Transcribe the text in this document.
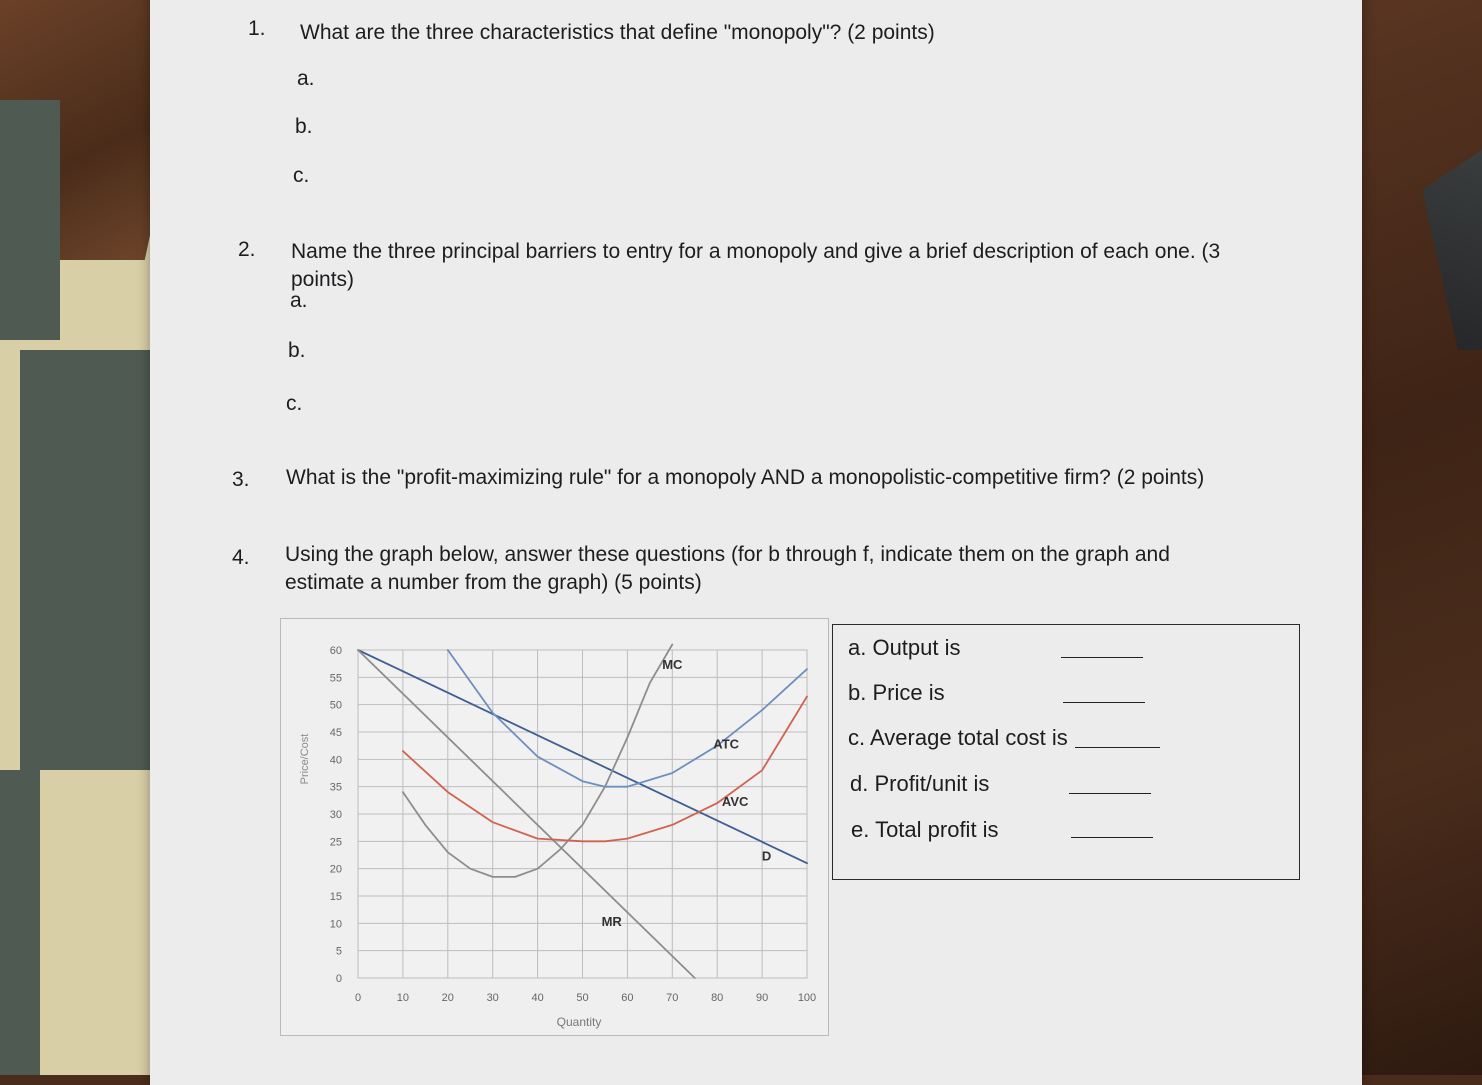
1. What are the three characteristics that define "monopoly"? (2 points)
a.
b.
c.
2. Name the three principal barriers to entry for a monopoly and give a brief description of each one. (3 points)
a.
b.
c.
3. What is the "profit-maximizing rule" for a monopoly AND a monopolistic-competitive firm? (2 points)
4. Using the graph below, answer these questions (for b through f, indicate them on the graph and estimate a number from the graph) (5 points)
0	10	20	30	40	50	60	70	80	90	100
0
5
10
15
20
25
30
35
40
45
50
55
60
MC
ATC
AVC
D
MR
Price/Cost
Quantity
a. Output is
b. Price is
c. Average total cost is
d. Profit/unit is
e. Total profit is
